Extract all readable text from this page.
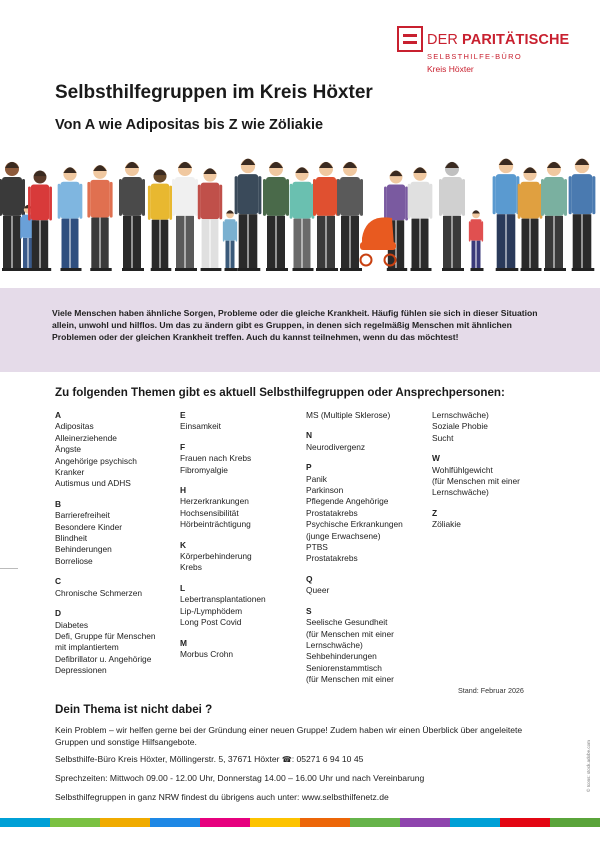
DER PARITÄTISCHE
SELBSTHILFE-BÜRO
Kreis Höxter
Selbsthilfegruppen im Kreis Höxter
Von A wie Adipositas bis Z wie Zöliakie

Viele Menschen haben ähnliche Sorgen, Probleme oder die gleiche Krankheit. Häufig fühlen sie sich in dieser Situation allein, unwohl und hilflos. Um das zu ändern gibt es Gruppen, in denen sich regelmäßig Menschen mit ähnlichen Problemen oder der gleichen Krankheit treffen. Auch du kannst teilnehmen, wenn du das möchtest!

Zu folgenden Themen gibt es aktuell Selbsthilfegruppen oder Ansprechpersonen:
A
Adipositas
Alleinerziehende
Ängste
Angehörige psychisch
Kranker
Autismus und ADHS
B
Barrierefreiheit
Besondere Kinder
Blindheit
Behinderungen
Borreliose
C
Chronische Schmerzen
D
Diabetes
Defi, Gruppe für Menschen
mit implantiertem
Defibrillator u. Angehörige
Depressionen
E
Einsamkeit
F
Frauen nach Krebs
Fibromyalgie
H
Herzerkrankungen
Hochsensibilität
Hörbeinträchtigung
K
Körperbehinderung
Krebs
L
Lebertransplantationen
Lip-/Lymphödem
Long Post Covid
M
Morbus Crohn
MS (Multiple Sklerose)
N
Neurodivergenz
P
Panik
Parkinson
Pflegende Angehörige
Prostatakrebs
Psychische Erkrankungen
(junge Erwachsene)
PTBS
Prostatakrebs
Q
Queer
S
Seelische Gesundheit
(für Menschen mit einer
Lernschwäche)
Sehbehinderungen
Seniorenstammtisch
(für Menschen mit einer
Lernschwäche)
Soziale Phobie
Sucht
W
Wohlfühlgewicht
(für Menschen mit einer
Lernschwäche)
Z
Zöliakie
Stand: Februar 2026
Dein Thema ist nicht dabei ?

Kein Problem – wir helfen gerne bei der Gründung einer neuen Gruppe! Zudem haben wir einen Überblick über angeleitete Gruppen und sonstige Hilfsangebote.

Selbsthilfe-Büro Kreis Höxter, Möllingerstr. 5, 37671 Höxter ☎: 05271 6 94 10 45

Sprechzeiten: Mittwoch 09.00 - 12.00 Uhr, Donnerstag 14.00 – 16.00 Uhr und nach Vereinbarung

Selbsthilfegruppen in ganz NRW findest du übrigens auch unter: www.selbsthilfenetz.de

© Icons: stock.adobe.com
